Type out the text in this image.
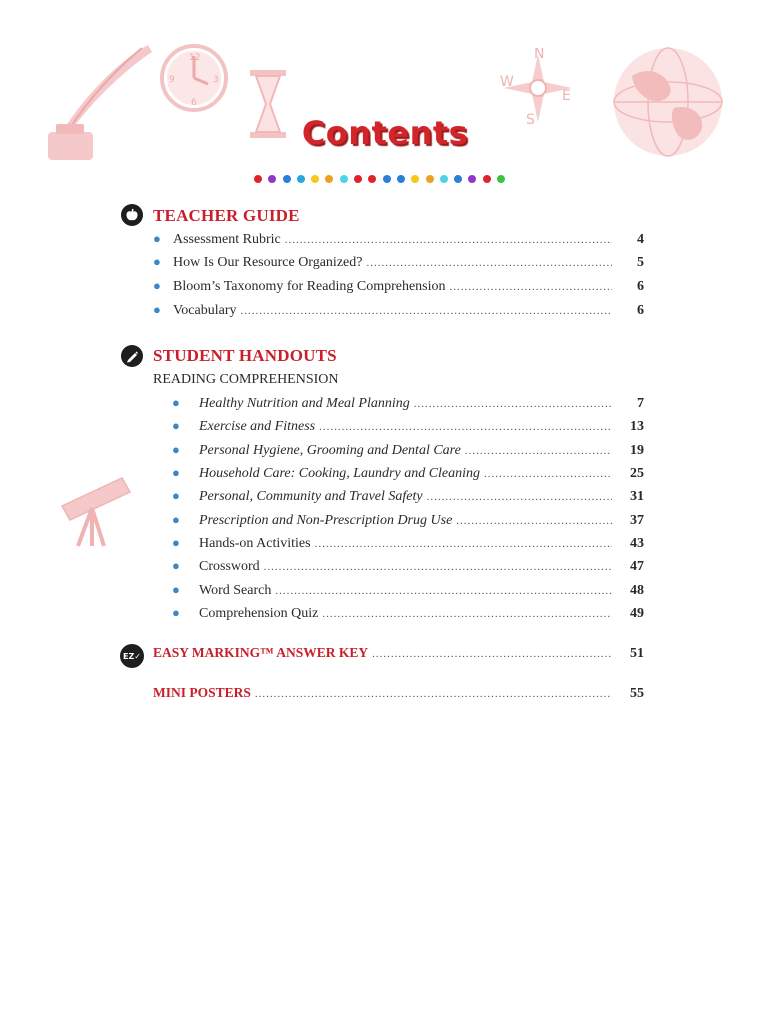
12
3
6
9
N
W
E
S
Contents
TEACHER GUIDE
● Assessment Rubric .....	4
● How Is Our Resource Organized? .....	5
● Bloom’s Taxonomy for Reading Comprehension .....	6
● Vocabulary .....	6
STUDENT HANDOUTS
READING COMPREHENSION
●	Healthy Nutrition and Meal Planning .....	7
●	Exercise and Fitness .....	13
●	Personal Hygiene, Grooming and Dental Care .....	19
●	Household Care: Cooking, Laundry and Cleaning .....	25
●	Personal, Community and Travel Safety .....	31
●	Prescription and Non-Prescription Drug Use .....	37
●	Hands-on Activities .....	43
●	Crossword .....	47
●	Word Search .....	48
●	Comprehension Quiz .....	49
EZ ✓ EASY MARKING™ ANSWER KEY .....	51
MINI POSTERS .....	55
